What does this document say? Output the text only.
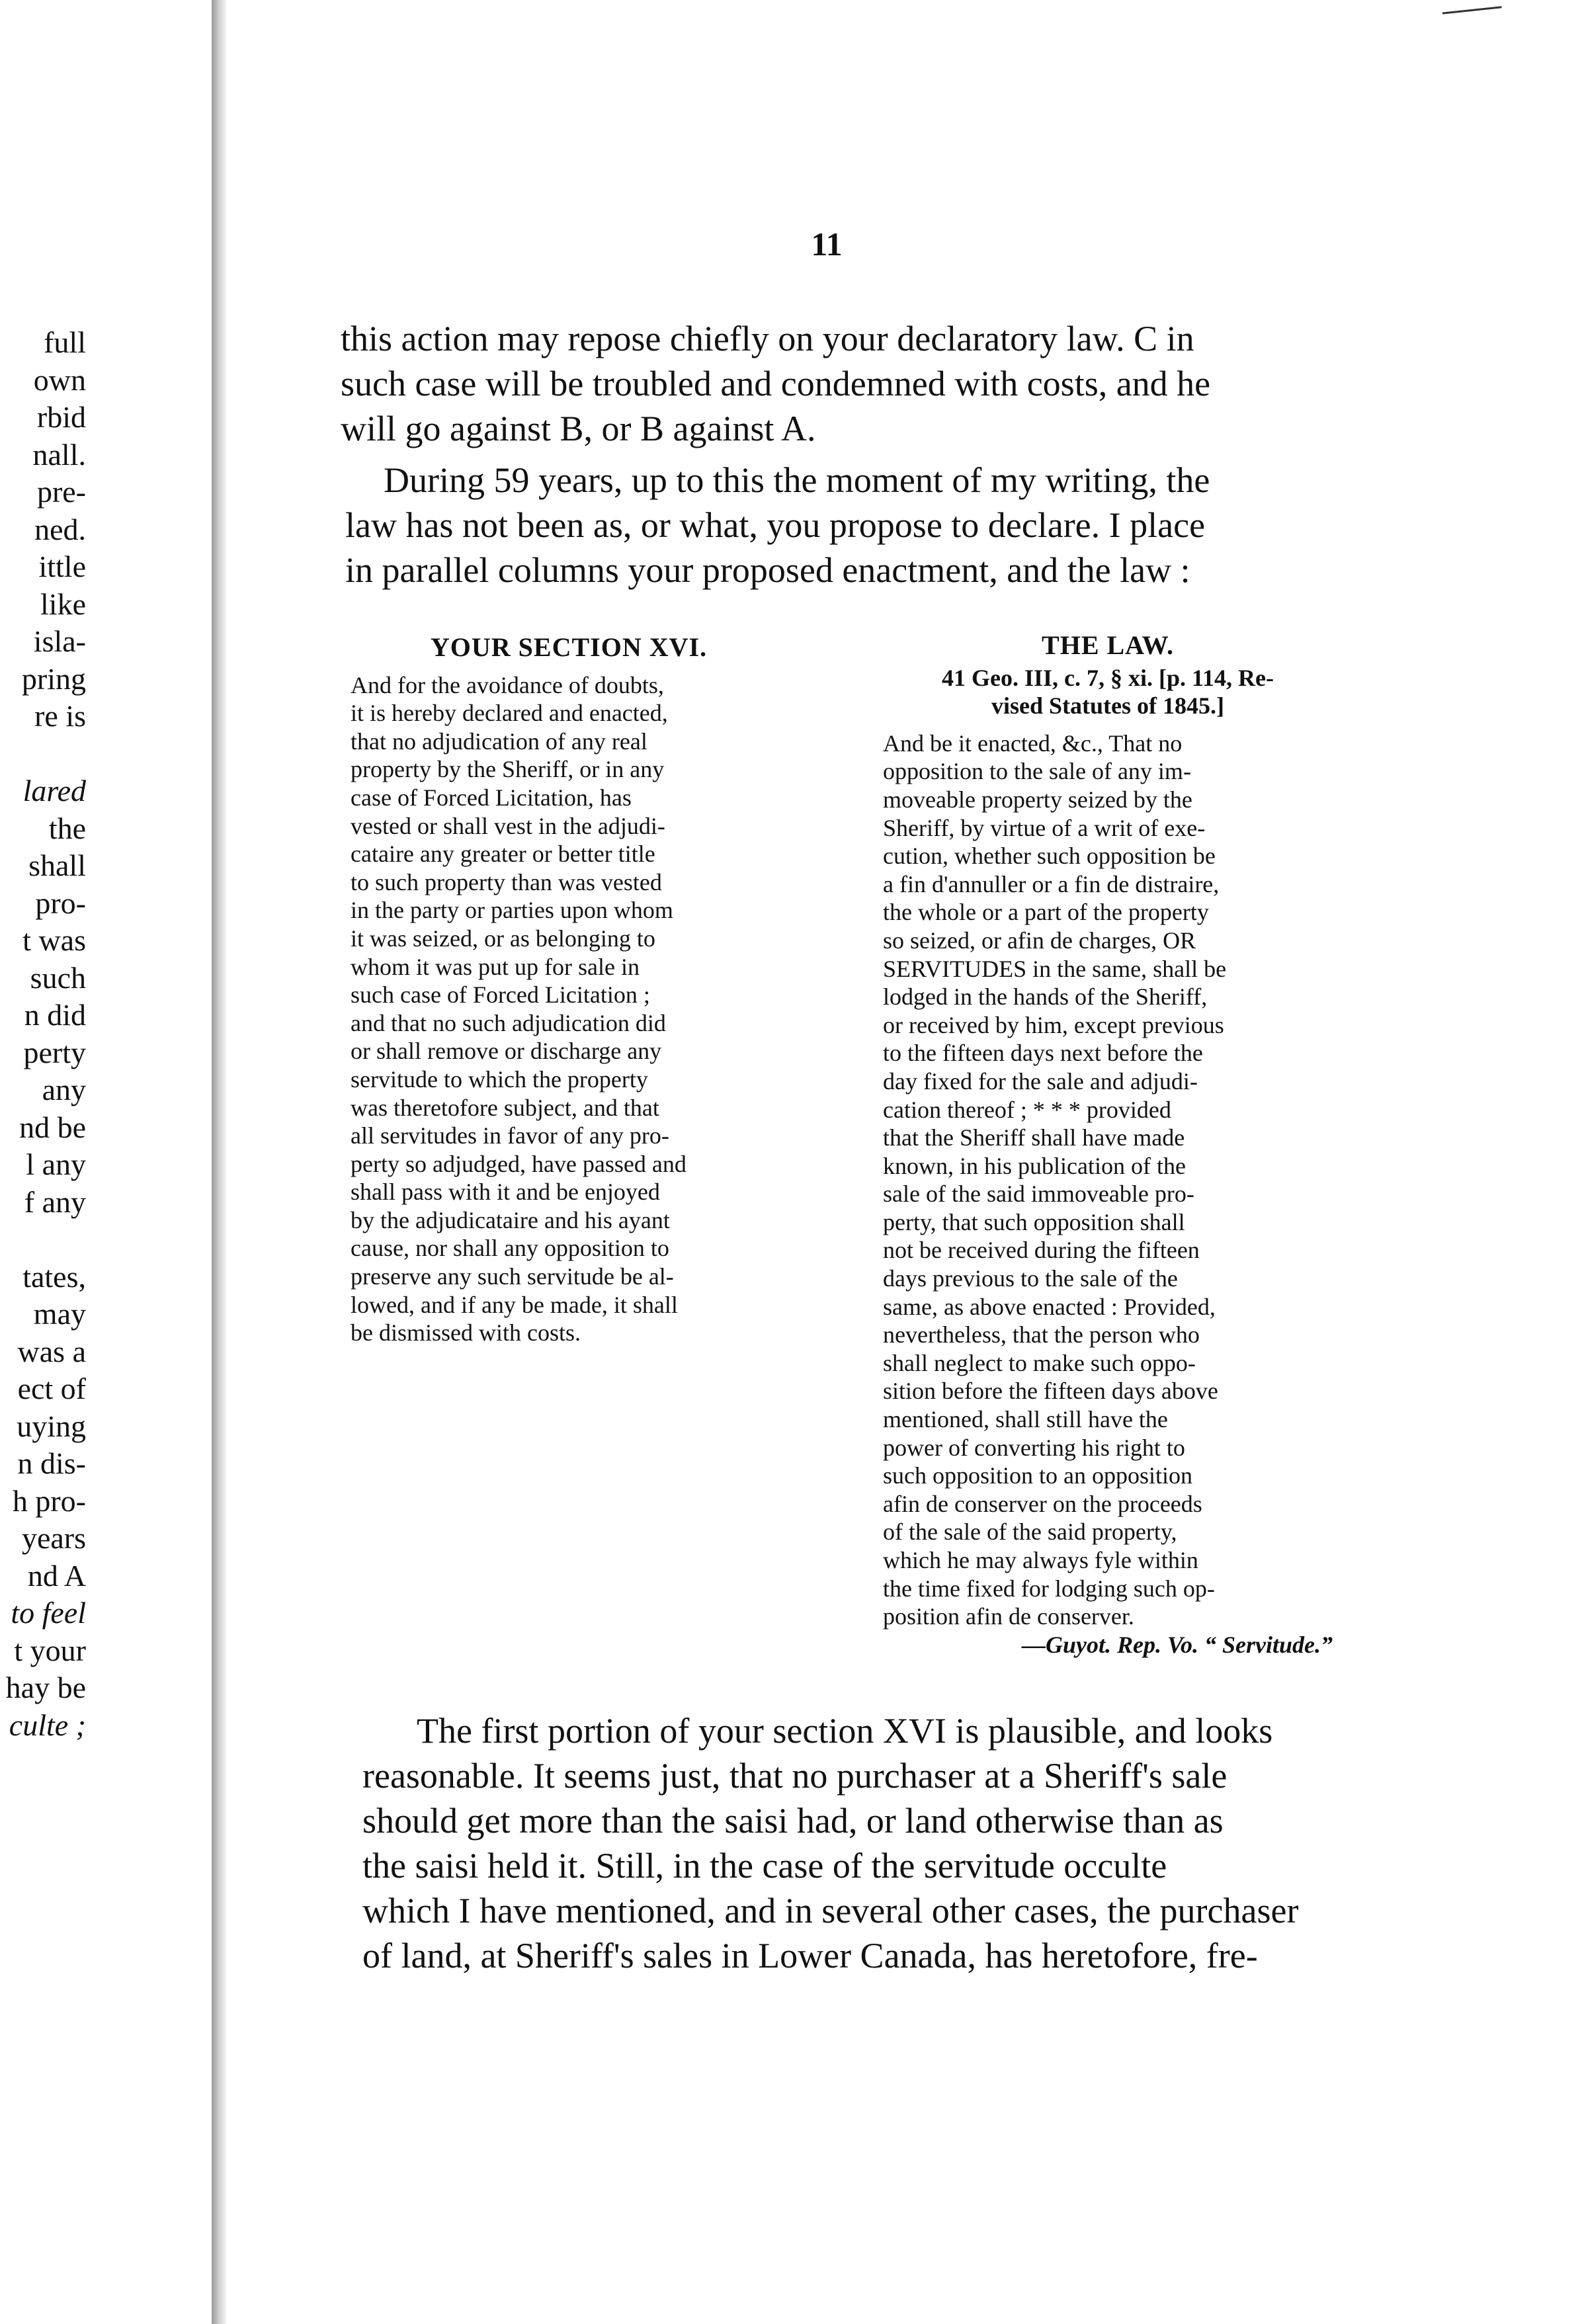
full
own
rbid
nall.
pre-
ned.
ittle
like
isla-
pring
re is
lared
the
shall
pro-
t was
such
n did
perty
any
nd be
l any
f any
tates,
may
was a
ect of
uying
n dis-
h pro-
years
nd A
to feel
t your
hay be
culte ;
11
this action may repose chiefly on your declaratory law. C in
such case will be troubled and condemned with costs, and he
will go against B, or B against A.
During 59 years, up to this the moment of my writing, the
law has not been as, or what, you propose to declare. I place
in parallel columns your proposed enactment, and the law :
YOUR SECTION XVI.
And for the avoidance of doubts,
it is hereby declared and enacted,
that no adjudication of any real
property by the Sheriff, or in any
case of Forced Licitation, has
vested or shall vest in the adjudi-
cataire any greater or better title
to such property than was vested
in the party or parties upon whom
it was seized, or as belonging to
whom it was put up for sale in
such case of Forced Licitation ;
and that no such adjudication did
or shall remove or discharge any
servitude to which the property
was theretofore subject, and that
all servitudes in favor of any pro-
perty so adjudged, have passed and
shall pass with it and be enjoyed
by the adjudicataire and his ayant
cause, nor shall any opposition to
preserve any such servitude be al-
lowed, and if any be made, it shall
be dismissed with costs.
THE LAW.
41 Geo. III, c. 7, § xi. [p. 114, Re-
vised Statutes of 1845.]
And be it enacted, &c., That no
opposition to the sale of any im-
moveable property seized by the
Sheriff, by virtue of a writ of exe-
cution, whether such opposition be
a fin d'annuller or a fin de distraire,
the whole or a part of the property
so seized, or afin de charges, OR
SERVITUDES in the same, shall be
lodged in the hands of the Sheriff,
or received by him, except previous
to the fifteen days next before the
day fixed for the sale and adjudi-
cation thereof ; * * * provided
that the Sheriff shall have made
known, in his publication of the
sale of the said immoveable pro-
perty, that such opposition shall
not be received during the fifteen
days previous to the sale of the
same, as above enacted : Provided,
nevertheless, that the person who
shall neglect to make such oppo-
sition before the fifteen days above
mentioned, shall still have the
power of converting his right to
such opposition to an opposition
afin de conserver on the proceeds
of the sale of the said property,
which he may always fyle within
the time fixed for lodging such op-
position afin de conserver.
—Guyot. Rep. Vo. “ Servitude.”
The first portion of your section XVI is plausible, and looks
reasonable. It seems just, that no purchaser at a Sheriff's sale
should get more than the saisi had, or land otherwise than as
the saisi held it. Still, in the case of the servitude occulte
which I have mentioned, and in several other cases, the purchaser
of land, at Sheriff's sales in Lower Canada, has heretofore, fre-
